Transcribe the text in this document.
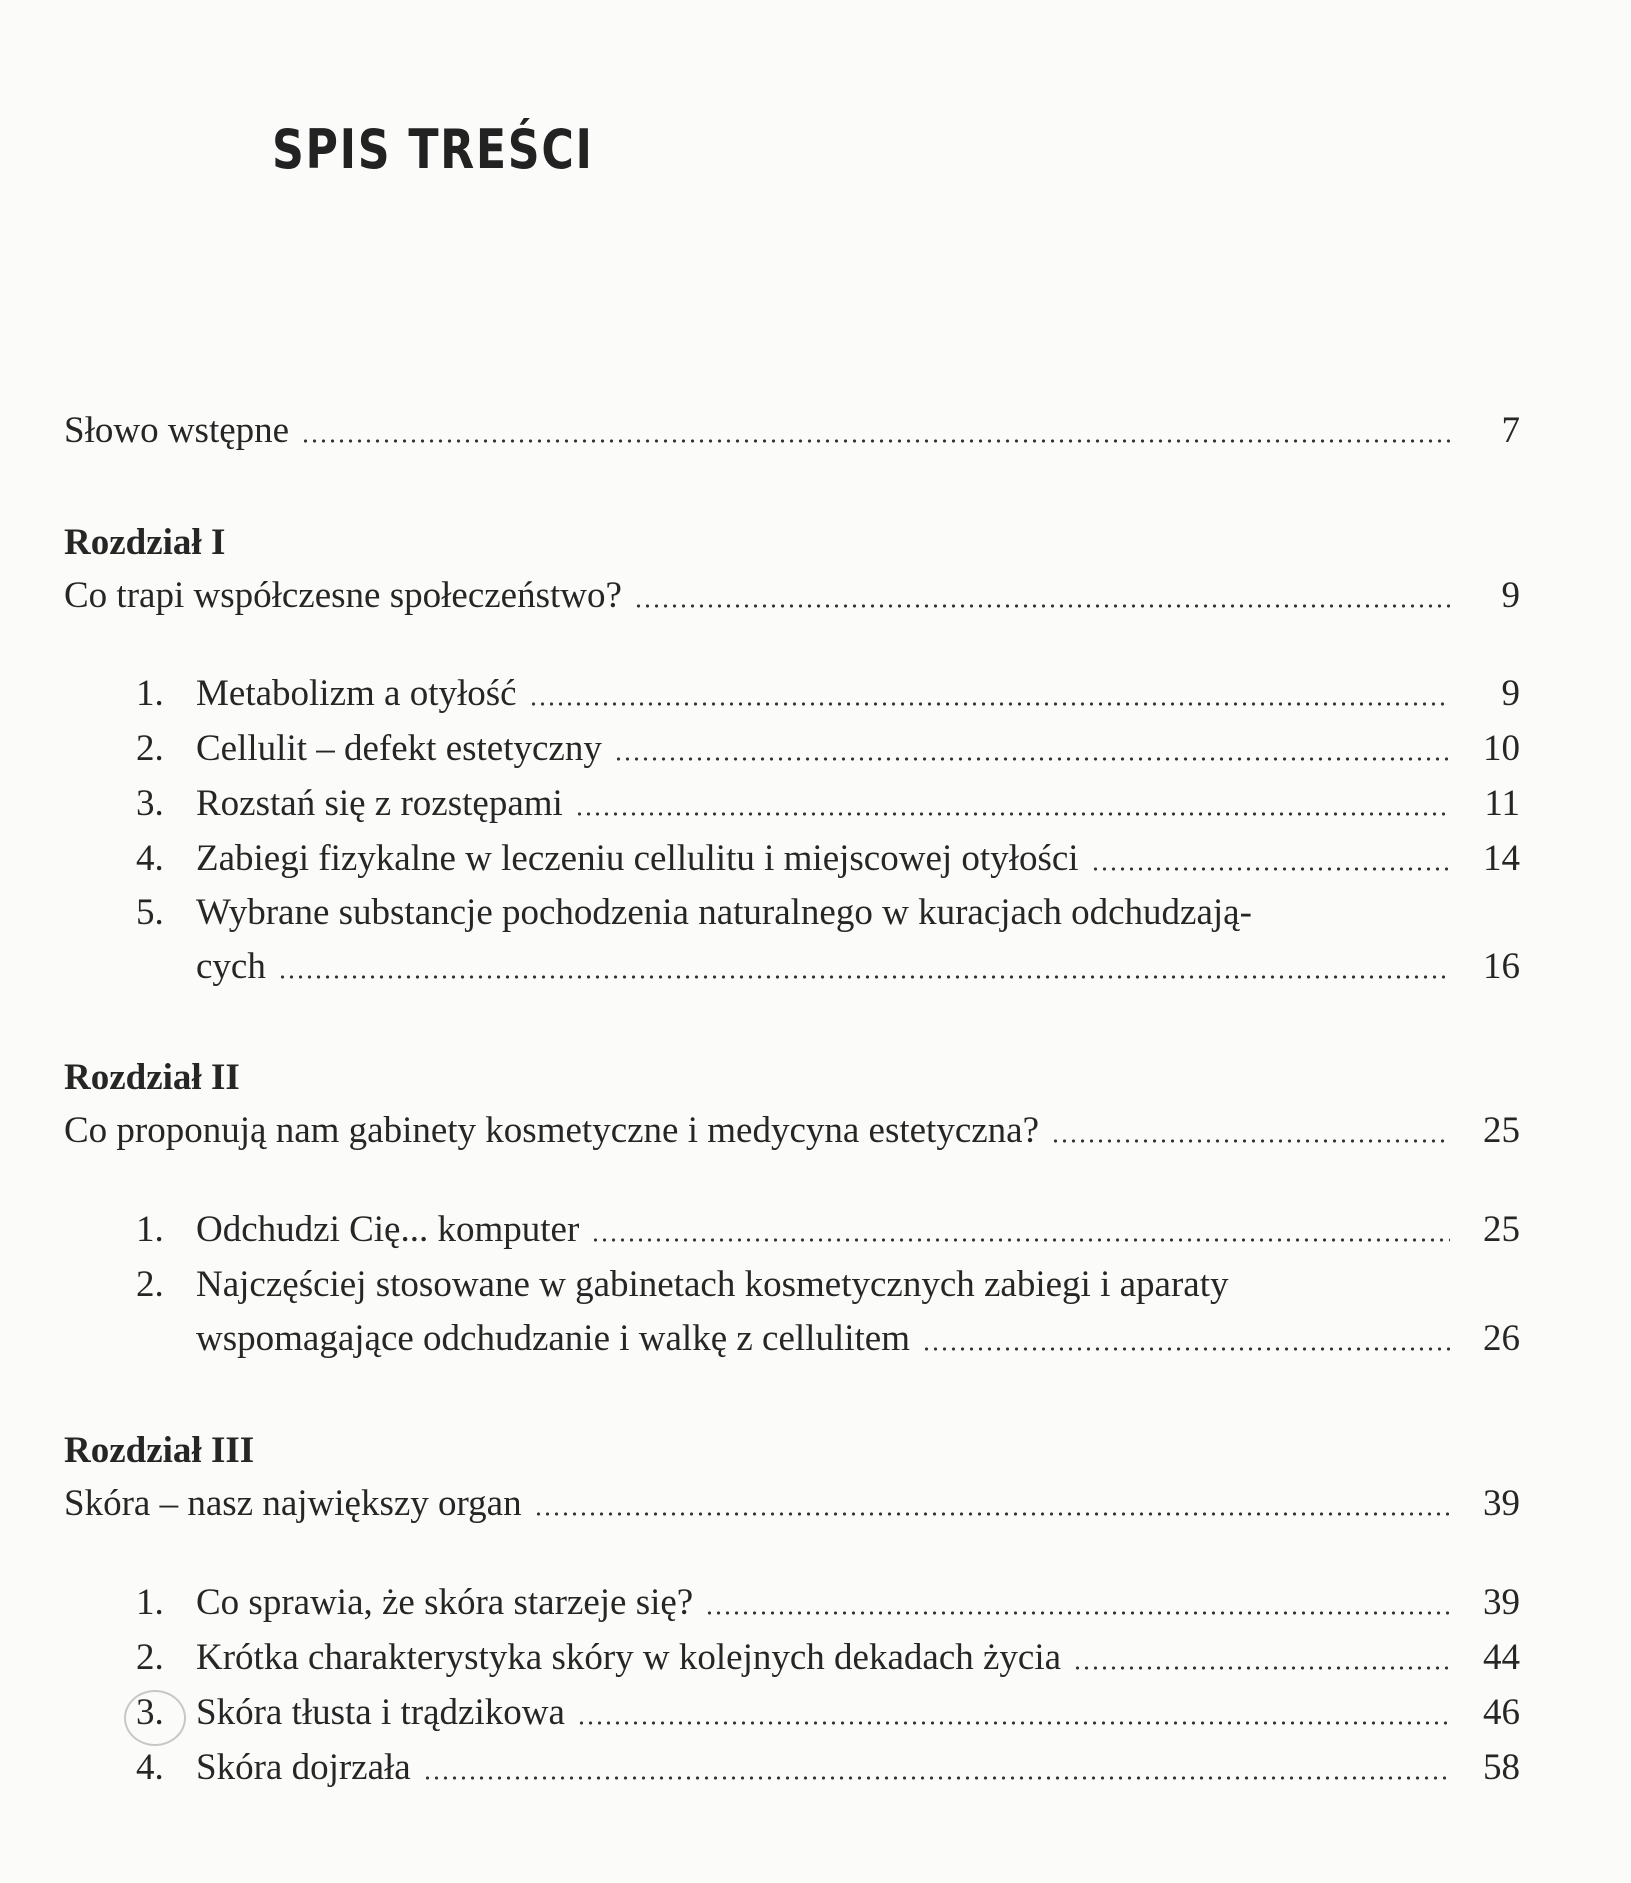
SPIS TREŚCI
Słowo wstępne	7
Rozdział I
Co trapi współczesne społeczeństwo?	9
1. Metabolizm a otyłość	9
2. Cellulit – defekt estetyczny	10
3. Rozstań się z rozstępami	11
4. Zabiegi fizykalne w leczeniu cellulitu i miejscowej otyłości	14
5. Wybrane substancje pochodzenia naturalnego w kuracjach odchudzają-
cych	16
Rozdział II
Co proponują nam gabinety kosmetyczne i medycyna estetyczna?	25
1. Odchudzi Cię... komputer	25
2. Najczęściej stosowane w gabinetach kosmetycznych zabiegi i aparaty
wspomagające odchudzanie i walkę z cellulitem	26
Rozdział III
Skóra – nasz największy organ	39
1. Co sprawia, że skóra starzeje się?	39
2. Krótka charakterystyka skóry w kolejnych dekadach życia	44
3. Skóra tłusta i trądzikowa	46
4. Skóra dojrzała	58
